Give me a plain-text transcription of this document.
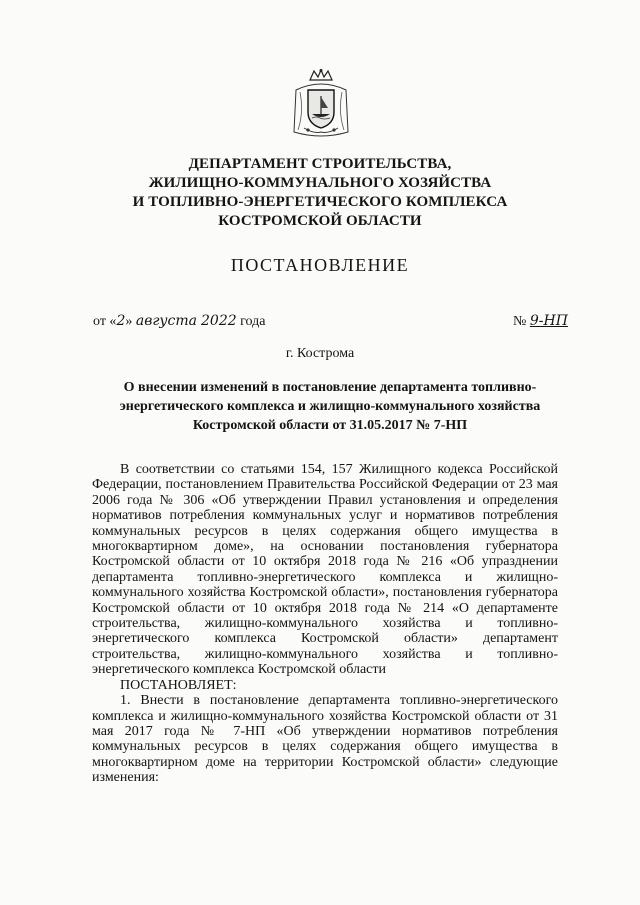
ДЕПАРТАМЕНТ СТРОИТЕЛЬСТВА,
ЖИЛИЩНО-КОММУНАЛЬНОГО ХОЗЯЙСТВА
И ТОПЛИВНО-ЭНЕРГЕТИЧЕСКОГО КОМПЛЕКСА
КОСТРОМСКОЙ ОБЛАСТИ
ПОСТАНОВЛЕНИЕ
от «2» августа 2022 года	№ 9-НП
г. Кострома
О внесении изменений в постановление департамента топливно-энергетического комплекса и жилищно-коммунального хозяйства Костромской области от 31.05.2017 № 7-НП

В соответствии со статьями 154, 157 Жилищного кодекса Российской Федерации, постановлением Правительства Российской Федерации от 23 мая 2006 года № 306 «Об утверждении Правил установления и определения нормативов потребления коммунальных услуг и нормативов потребления коммунальных ресурсов в целях содержания общего имущества в многоквартирном доме», на основании постановления губернатора Костромской области от 10 октября 2018 года № 216 «Об упразднении департамента топливно-энергетического комплекса и жилищно-коммунального хозяйства Костромской области», постановления губернатора Костромской области от 10 октября 2018 года № 214 «О департаменте строительства, жилищно-коммунального хозяйства и топливно-энергетического комплекса Костромской области» департамент строительства, жилищно-коммунального хозяйства и топливно-энергетического комплекса Костромской области

ПОСТАНОВЛЯЕТ:

1. Внести в постановление департамента топливно-энергетического комплекса и жилищно-коммунального хозяйства Костромской области от 31 мая 2017 года № 7-НП «Об утверждении нормативов потребления коммунальных ресурсов в целях содержания общего имущества в многоквартирном доме на территории Костромской области» следующие изменения:
